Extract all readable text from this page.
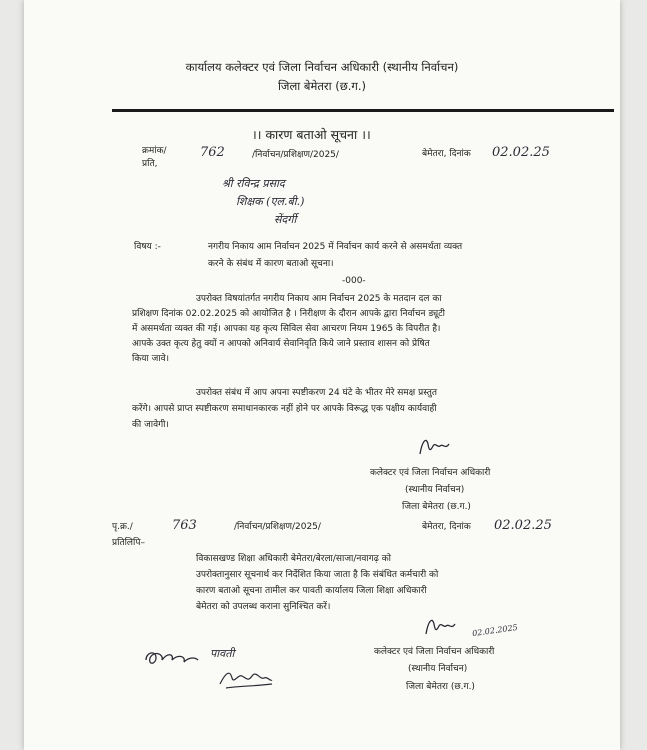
कार्यालय कलेक्टर एवं जिला निर्वाचन अधिकारी (स्थानीय निर्वाचन)
जिला बेमेतरा (छ.ग.)
।। कारण बताओ सूचना ।।
क्रमांक/
प्रति,
762	/निर्वाचन/प्रशिक्षण/2025/	बेमेतरा, दिनांक 02.02.25
श्री रविन्द्र प्रसाद
शिक्षक (एल.बी.)
सेंदर्गी
विषय :-	नगरीय निकाय आम निर्वाचन 2025 में निर्वाचन कार्य करने से असमर्थता व्यक्त
करने के संबंध में कारण बताओ सूचना।
-000-
उपरोक्त विषयांतर्गत नगरीय निकाय आम निर्वाचन 2025 के मतदान दल का
प्रशिक्षण दिनांक 02.02.2025 को आयोजित है । निरीक्षण के दौरान आपके द्वारा निर्वाचन ड्यूटी
में असमर्थता व्यक्त की गई। आपका यह कृत्य सिविल सेवा आचरण नियम 1965 के विपरीत है।
आपके उक्त कृत्य हेतु क्यों न आपको अनिवार्य सेवानिवृति किये जाने प्रस्ताव शासन को प्रेषित
किया जावे।
उपरोक्त संबंध में आप अपना स्पष्टीकरण 24 घंटे के भीतर मेरे समक्ष प्रस्तुत
करेंगे। आपसे प्राप्त स्पष्टीकरण समाधानकारक नहीं होने पर आपके विरूद्ध एक पक्षीय कार्यवाही
की जावेगी।
कलेक्टर एवं जिला निर्वाचन अधिकारी
(स्थानीय निर्वाचन)
जिला बेमेतरा (छ.ग.)
पृ.क्र./	763	/निर्वाचन/प्रशिक्षण/2025/	बेमेतरा, दिनांक 02.02.25
प्रतिलिपि–
विकासखण्ड शिक्षा अधिकारी बेमेतरा/बेरला/साजा/नवागढ़ को
उपरोक्तानुसार सूचनार्थ कर निर्देशित किया जाता है कि संबंधित कर्मचारी को
कारण बताओ सूचना तामील कर पावती कार्यालय जिला शिक्षा अधिकारी
बेमेतरा को उपलब्ध कराना सुनिश्चित करें।
02.02.2025
कलेक्टर एवं जिला निर्वाचन अधिकारी
(स्थानीय निर्वाचन)
जिला बेमेतरा (छ.ग.)
पावती
